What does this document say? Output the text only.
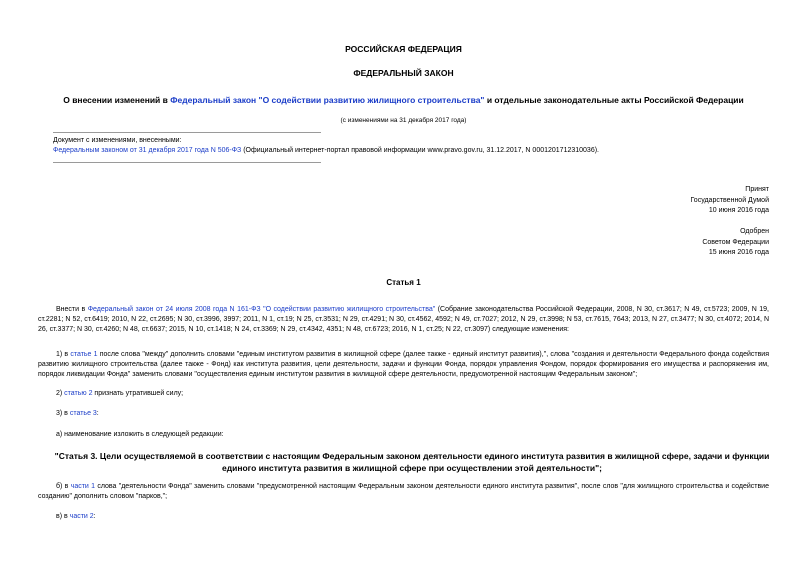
РОССИЙСКАЯ ФЕДЕРАЦИЯ
ФЕДЕРАЛЬНЫЙ ЗАКОН
О внесении изменений в Федеральный закон "О содействии развитию жилищного строительства" и отдельные законодательные акты Российской Федерации
(с изменениями на 31 декабря 2017 года)
Документ с изменениями, внесенными:
Федеральным законом от 31 декабря 2017 года N 506-ФЗ (Официальный интернет-портал правовой информации www.pravo.gov.ru, 31.12.2017, N 0001201712310036).
Принят
Государственной Думой
10 июня 2016 года
Одобрен
Советом Федерации
15 июня 2016 года
Статья 1
Внести в Федеральный закон от 24 июля 2008 года N 161-ФЗ "О содействии развитию жилищного строительства" (Собрание законодательства Российской Федерации, 2008, N 30, ст.3617; N 49, ст.5723; 2009, N 19, ст.2281; N 52, ст.6419; 2010, N 22, ст.2695; N 30, ст.3996, 3997; 2011, N 1, ст.19; N 25, ст.3531; N 29, ст.4291; N 30, ст.4562, 4592; N 49, ст.7027; 2012, N 29, ст.3998; N 53, ст.7615, 7643; 2013, N 27, ст.3477; N 30, ст.4072; 2014, N 26, ст.3377; N 30, ст.4260; N 48, ст.6637; 2015, N 10, ст.1418; N 24, ст.3369; N 29, ст.4342, 4351; N 48, ст.6723; 2016, N 1, ст.25; N 22, ст.3097) следующие изменения:
1) в статье 1 после слова "между" дополнить словами "единым институтом развития в жилищной сфере (далее также - единый институт развития),", слова "создания и деятельности Федерального фонда содействия развитию жилищного строительства (далее также - Фонд) как института развития, цели деятельности, задачи и функции Фонда, порядок управления Фондом, порядок формирования его имущества и распоряжения им, порядок ликвидации Фонда" заменить словами "осуществления единым институтом развития в жилищной сфере деятельности, предусмотренной настоящим Федеральным законом";
2) статью 2 признать утратившей силу;
3) в статье 3:
а) наименование изложить в следующей редакции:
"Статья 3. Цели осуществляемой в соответствии с настоящим Федеральным законом деятельности единого института развития в жилищной сфере, задачи и функции единого института развития в жилищной сфере при осуществлении этой деятельности";
б) в части 1 слова "деятельности Фонда" заменить словами "предусмотренной настоящим Федеральным законом деятельности единого института развития", после слов "для жилищного строительства и содействие созданию" дополнить словом "парков,";
в) в части 2:
